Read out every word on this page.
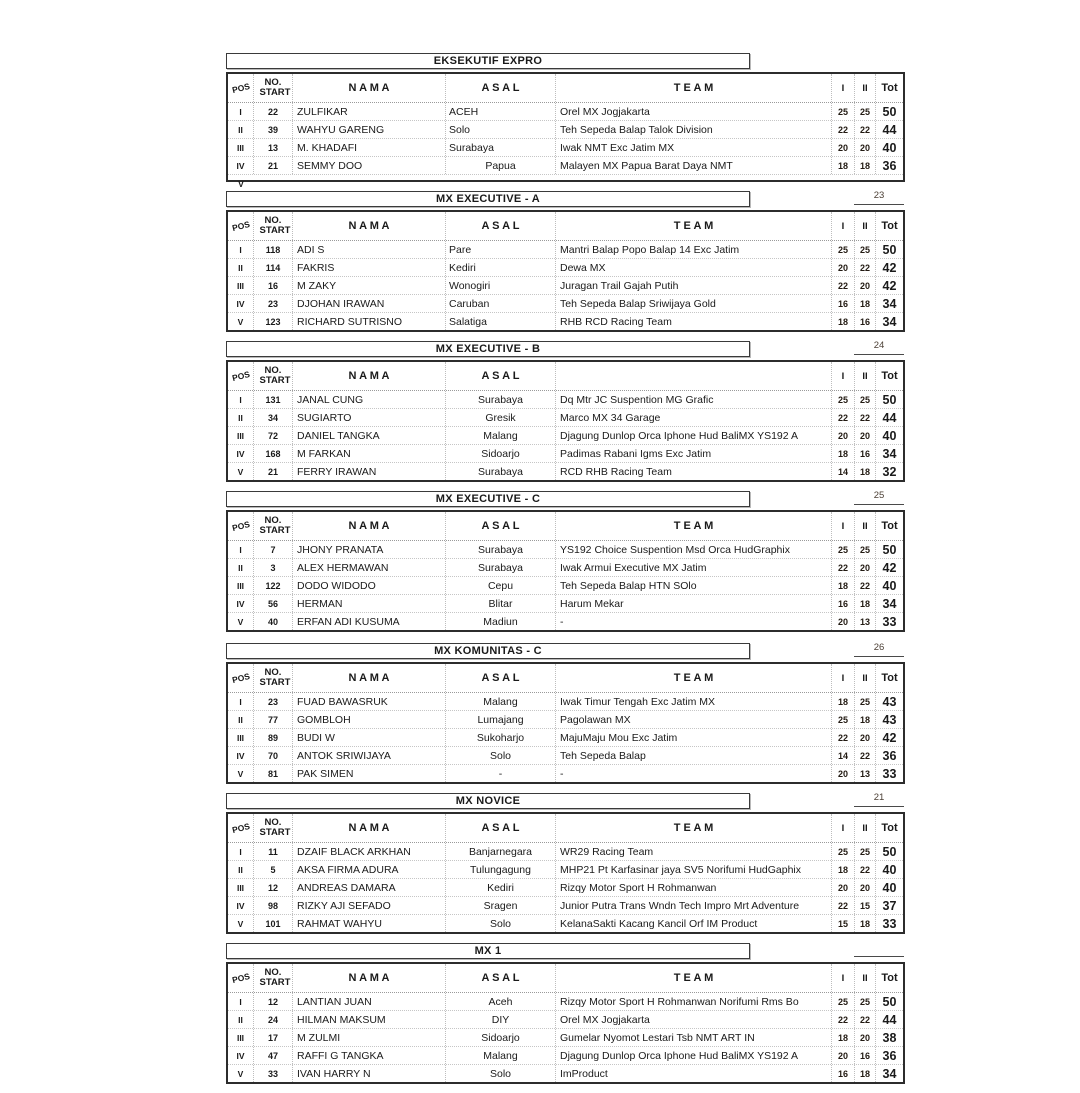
EKSEKUTIF EXPRO
POS NO.
START	N A M A	A S A L	T E A M	I	II	Tot
I	22	ZULFIKAR	ACEH	Orel MX Jogjakarta	25	25	50
II	39	WAHYU GARENG	Solo	Teh Sepeda Balap Talok Division	22	22	44
III	13	M. KHADAFI	Surabaya	Iwak NMT Exc Jatim MX	20	20	40
IV	21	SEMMY DOO	Papua	Malayen MX Papua Barat Daya NMT	18	18	36
V
MX EXECUTIVE - A	23
POS NO.
START	N A M A	A S A L	T E A M	I	II	Tot
I	118	ADI S	Pare	Mantri Balap Popo Balap 14 Exc Jatim	25	25	50
II	114	FAKRIS	Kediri	Dewa MX	20	22	42
III	16	M ZAKY	Wonogiri	Juragan Trail Gajah Putih	22	20	42
IV	23	DJOHAN IRAWAN	Caruban	Teh Sepeda Balap Sriwijaya Gold	16	18	34
V	123	RICHARD SUTRISNO	Salatiga	RHB RCD Racing Team	18	16	34
MX EXECUTIVE - B	24
POS NO.
START	N A M A	A S A L	I	II	Tot
I	131	JANAL CUNG	Surabaya	Dq Mtr JC Suspention MG Grafic	25	25	50
II	34	SUGIARTO	Gresik	Marco MX 34 Garage	22	22	44
III	72	DANIEL TANGKA	Malang	Djagung Dunlop Orca Iphone Hud BaliMX YS192 A	20	20	40
IV	168	M FARKAN	Sidoarjo	Padimas Rabani Igms Exc Jatim	18	16	34
V	21	FERRY IRAWAN	Surabaya	RCD RHB Racing Team	14	18	32
MX EXECUTIVE - C	25
POS NO.
START	N A M A	A S A L	T E A M	I	II	Tot
I	7	JHONY PRANATA	Surabaya	YS192 Choice Suspention Msd Orca HudGraphix	25	25	50
II	3	ALEX HERMAWAN	Surabaya	Iwak Armui Executive MX Jatim	22	20	42
III	122	DODO WIDODO	Cepu	Teh Sepeda Balap HTN SOlo	18	22	40
IV	56	HERMAN	Blitar	Harum Mekar	16	18	34
V	40	ERFAN ADI KUSUMA	Madiun	-	20	13	33
MX KOMUNITAS - C	26
POS NO.
START	N A M A	A S A L	T E A M	I	II	Tot
I	23	FUAD BAWASRUK	Malang	Iwak Timur Tengah Exc Jatim MX	18	25	43
II	77	GOMBLOH	Lumajang	Pagolawan MX	25	18	43
III	89	BUDI W	Sukoharjo	MajuMaju Mou Exc Jatim	22	20	42
IV	70	ANTOK SRIWIJAYA	Solo	Teh Sepeda Balap	14	22	36
V	81	PAK SIMEN	-	-	20	13	33
MX NOVICE	21
POS NO.
START	N A M A	A S A L	T E A M	I	II	Tot
I	11	DZAIF BLACK ARKHAN	Banjarnegara	WR29 Racing Team	25	25	50
II	5	AKSA FIRMA ADURA	Tulungagung	MHP21 Pt Karfasinar jaya SV5 Norifumi HudGaphix	18	22	40
III	12	ANDREAS DAMARA	Kediri	Rizqy Motor Sport H Rohmanwan	20	20	40
IV	98	RIZKY AJI SEFADO	Sragen	Junior Putra Trans Wndn Tech Impro Mrt Adventure	22	15	37
V	101	RAHMAT WAHYU	Solo	KelanaSakti Kacang Kancil Orf IM Product	15	18	33
MX 1
POS NO.
START	N A M A	A S A L	T E A M	I	II	Tot
I	12	LANTIAN JUAN	Aceh	Rizqy Motor Sport H Rohmanwan Norifumi Rms Bo	25	25	50
II	24	HILMAN MAKSUM	DIY	Orel MX Jogjakarta	22	22	44
III	17	M ZULMI	Sidoarjo	Gumelar Nyomot Lestari Tsb NMT ART IN	18	20	38
IV	47	RAFFI G TANGKA	Malang	Djagung Dunlop Orca Iphone Hud BaliMX YS192 A	20	16	36
V	33	IVAN HARRY N	Solo	ImProduct	16	18	34
